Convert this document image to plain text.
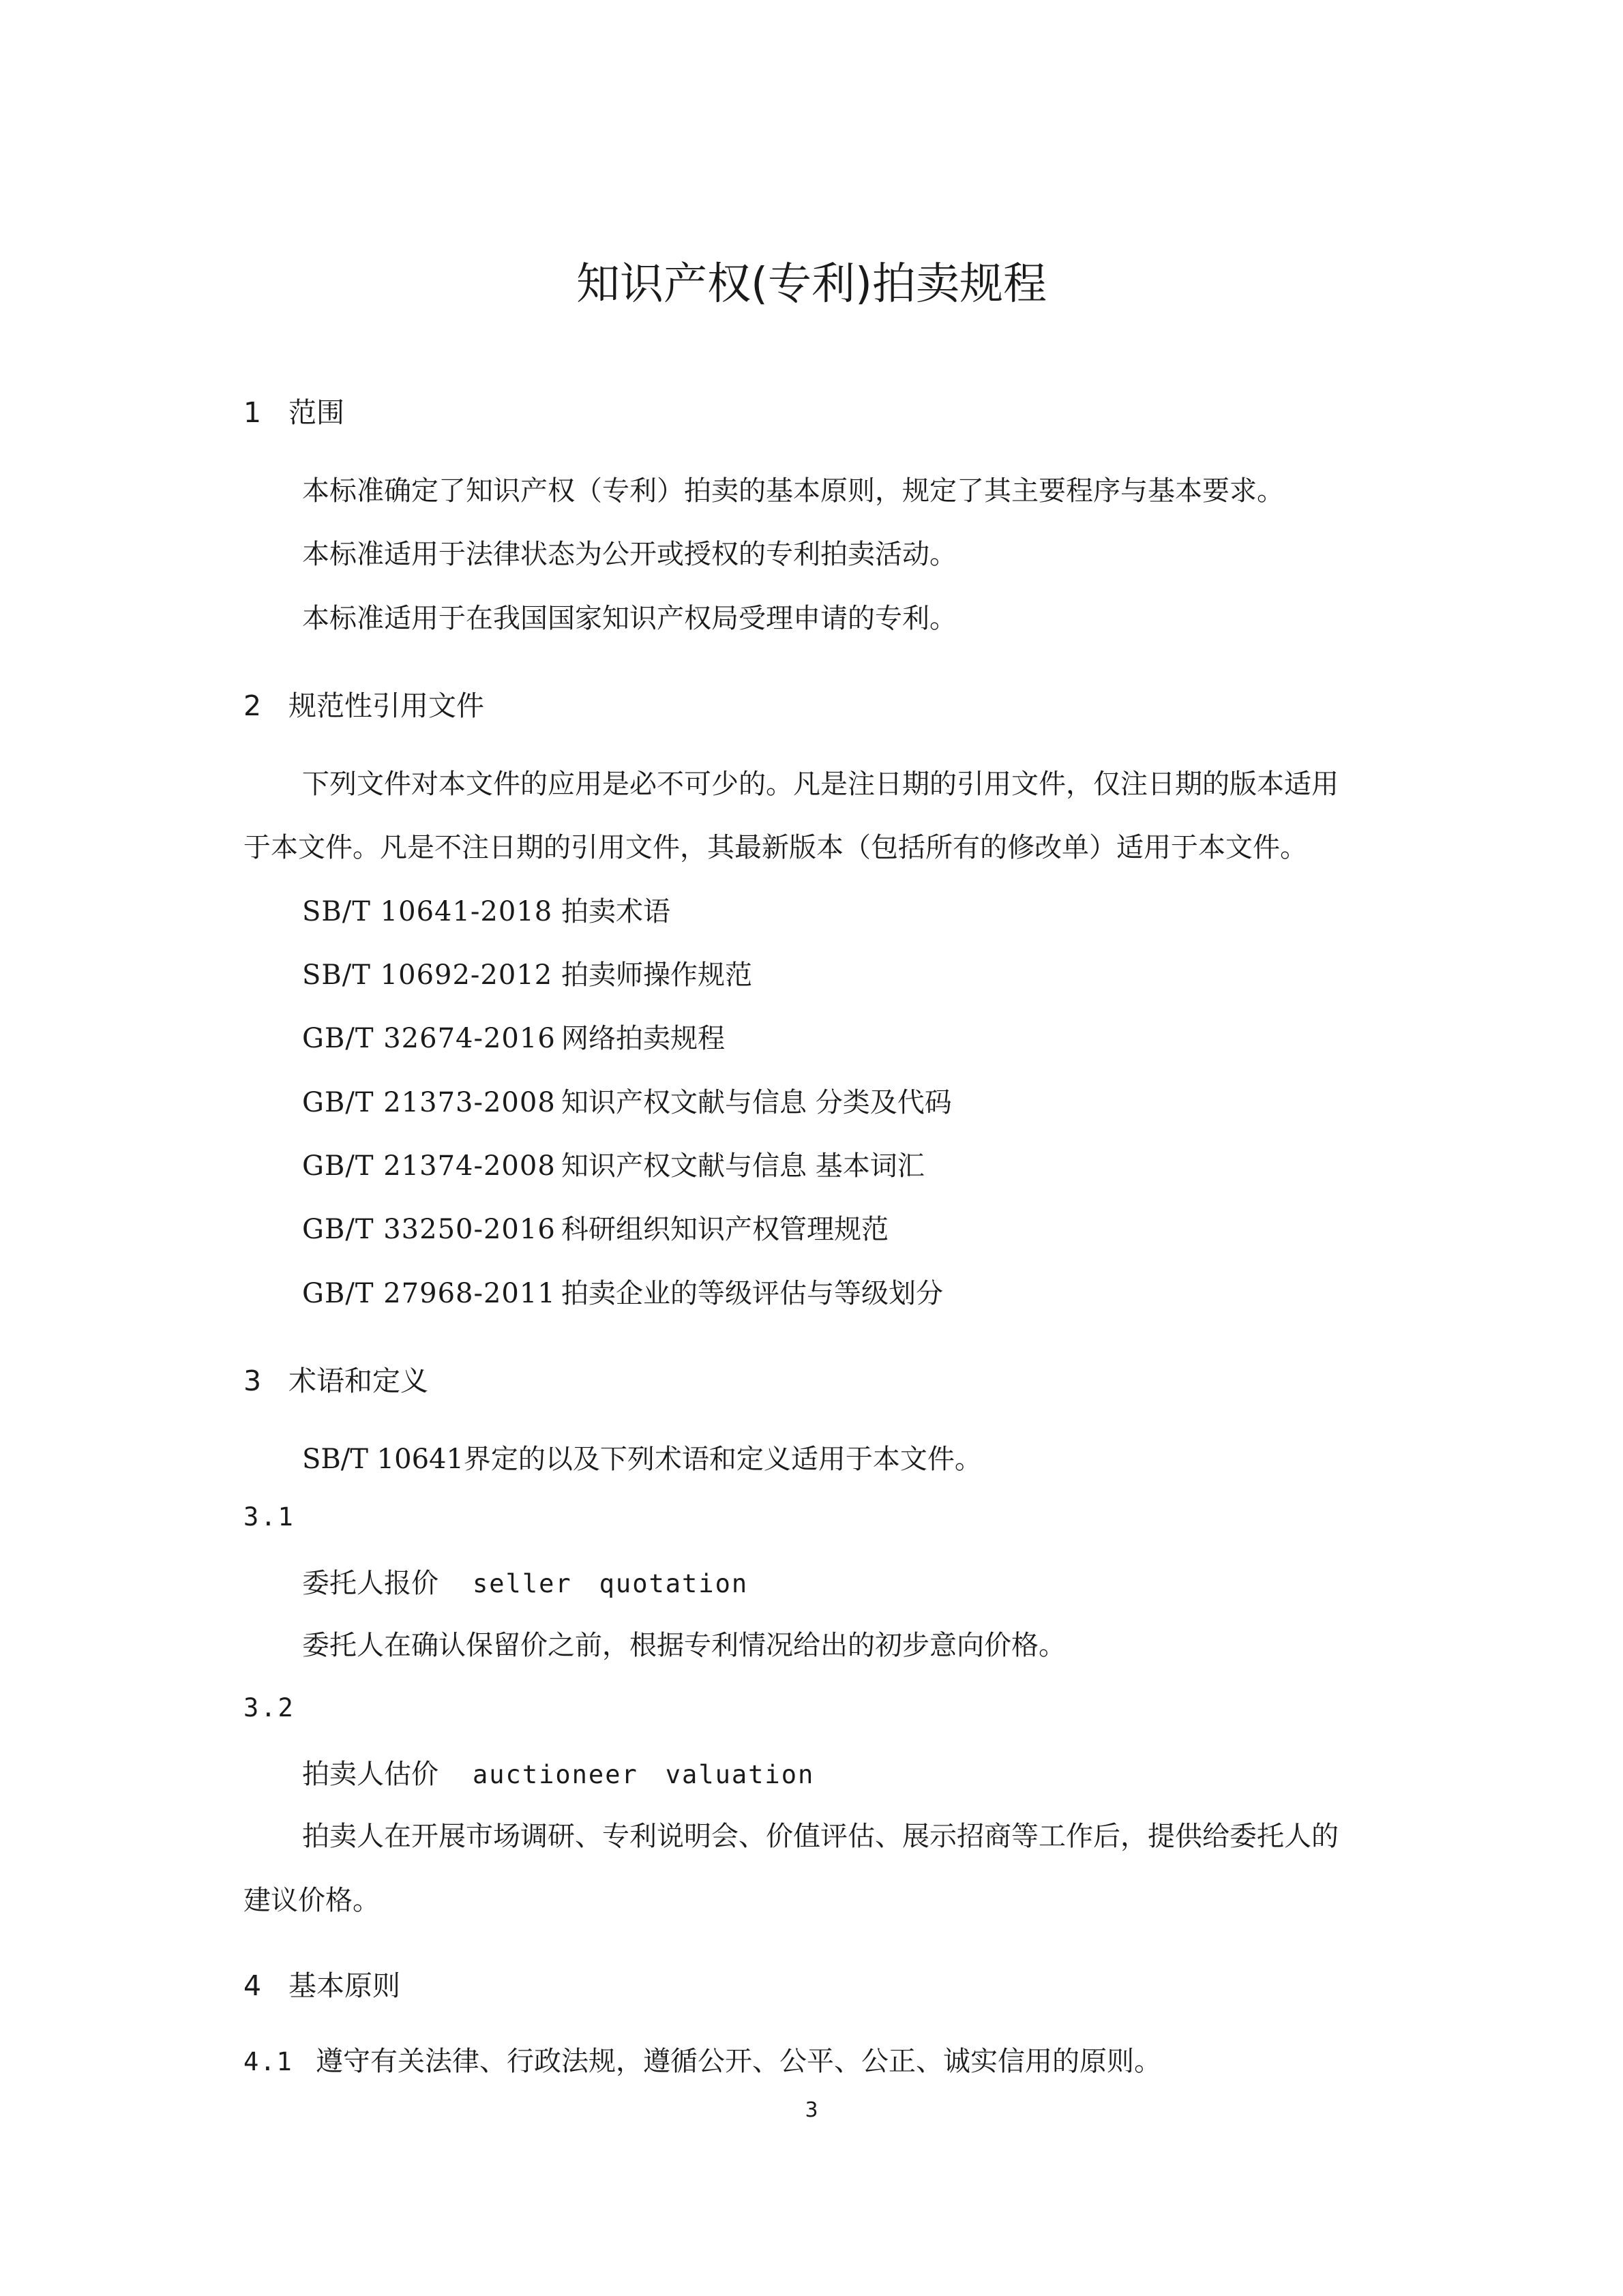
知识产权(专利)拍卖规程
1 范围
本标准确定了知识产权（专利）拍卖的基本原则，规定了其主要程序与基本要求。
本标准适用于法律状态为公开或授权的专利拍卖活动。
本标准适用于在我国国家知识产权局受理申请的专利。
2 规范性引用文件
下列文件对本文件的应用是必不可少的。凡是注日期的引用文件，仅注日期的版本适用
于本文件。凡是不注日期的引用文件，其最新版本（包括所有的修改单）适用于本文件。
SB/T 10641-2018 拍卖术语
SB/T 10692-2012 拍卖师操作规范
GB/T 32674-2016 网络拍卖规程
GB/T 21373-2008 知识产权文献与信息 分类及代码
GB/T 21374-2008 知识产权文献与信息 基本词汇
GB/T 33250-2016 科研组织知识产权管理规范
GB/T 27968-2011 拍卖企业的等级评估与等级划分
3 术语和定义
SB/T 10641界定的以及下列术语和定义适用于本文件。
3.1
委托人报价 seller quotation
委托人在确认保留价之前，根据专利情况给出的初步意向价格。
3.2
拍卖人估价 auctioneer valuation
拍卖人在开展市场调研、专利说明会、价值评估、展示招商等工作后，提供给委托人的
建议价格。
4 基本原则
4.1 遵守有关法律、行政法规，遵循公开、公平、公正、诚实信用的原则。
3
